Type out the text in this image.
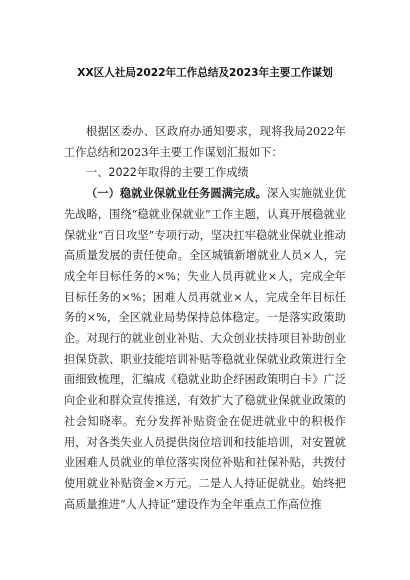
XX区人社局2022年工作总结及2023年主要工作谋划

根据区委办、区政府办通知要求，现将我局2022年工作总结和2023年主要工作谋划汇报如下：

一、2022年取得的主要工作成绩

（一）稳就业保就业任务圆满完成。深入实施就业优先战略，围绕“稳就业保就业”工作主题，认真开展稳就业保就业“百日攻坚”专项行动，坚决扛牢稳就业保就业推动高质量发展的责任使命。全区城镇新增就业人员×人，完成全年目标任务的×%；失业人员再就业×人，完成全年目标任务的×%；困难人员再就业×人，完成全年目标任务的×%，全区就业局势保持总体稳定。一是落实政策助企。对现行的就业创业补贴、大众创业扶持项目补助创业担保贷款、职业技能培训补贴等稳就业保就业政策进行全面细致梳理，汇编成《稳就业助企纾困政策明白卡》广泛向企业和群众宣传推送，有效扩大了稳就业保就业政策的社会知晓率。充分发挥补贴资金在促进就业中的积极作用，对各类失业人员提供岗位培训和技能培训，对安置就业困难人员就业的单位落实岗位补贴和社保补贴，共拨付使用就业补贴资金×万元。二是人人持证促就业。始终把高质量推进“人人持证”建设作为全年重点工作高位推
